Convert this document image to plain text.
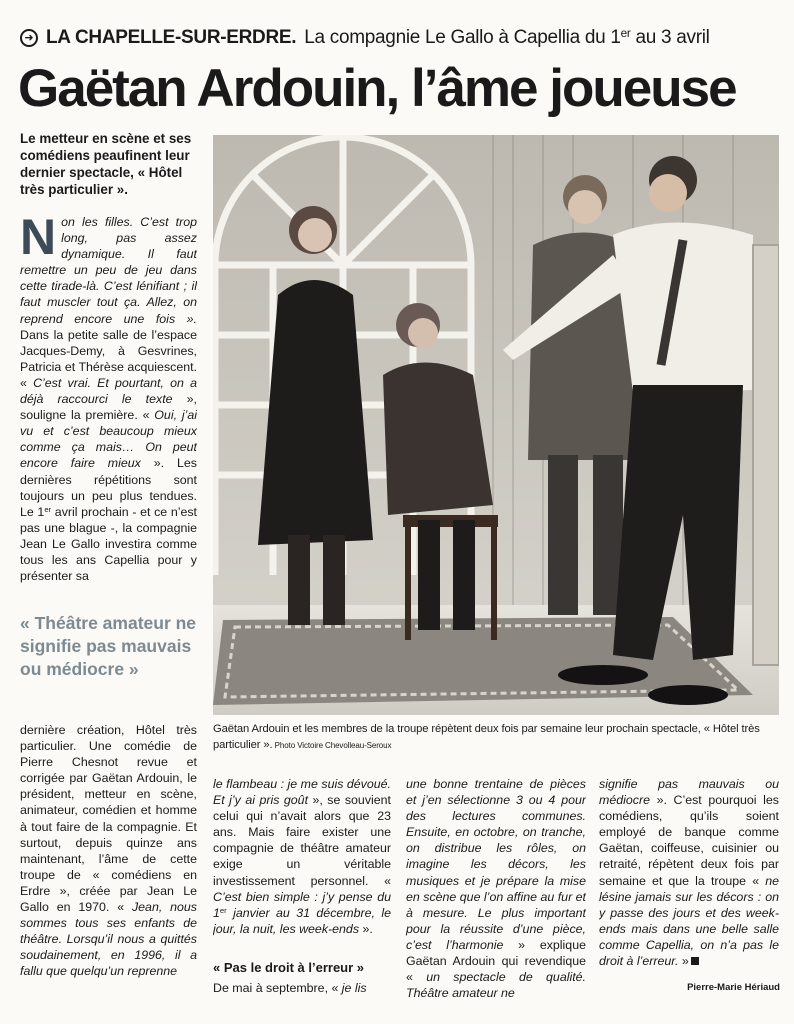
➜ LA CHAPELLE-SUR-ERDRE. La compagnie Le Gallo à Capellia du 1er au 3 avril
Gaëtan Ardouin, l’âme joueuse
Le metteur en scène et ses comédiens peaufinent leur dernier spectacle, « Hôtel très particulier ».
Non les filles. C’est trop long, pas assez dynamique. Il faut remettre un peu de jeu dans cette tirade-là. C’est lénifiant ; il faut muscler tout ça. Allez, on reprend encore une fois ». Dans la petite salle de l’espace Jacques-Demy, à Gesvrines, Patricia et Thérèse acquiescent. « C’est vrai. Et pourtant, on a déjà raccourci le texte », souligne la première. « Oui, j’ai vu et c’est beaucoup mieux comme ça mais… On peut encore faire mieux ». Les dernières répétitions sont toujours un peu plus tendues. Le 1er avril prochain - et ce n’est pas une blague -, la compagnie Jean Le Gallo investira comme tous les ans Capellia pour y présenter sa
« Théâtre amateur ne signifie pas mauvais ou médiocre »
dernière création, Hôtel très particulier. Une comédie de Pierre Chesnot revue et corrigée par Gaëtan Ardouin, le président, metteur en scène, animateur, comédien et homme à tout faire de la compagnie. Et surtout, depuis quinze ans maintenant, l’âme de cette troupe de « comédiens en Erdre », créée par Jean Le Gallo en 1970. « Jean, nous sommes tous ses enfants de théâtre. Lorsqu’il nous a quittés soudainement, en 1996, il a fallu que quelqu’un reprenne
Gaëtan Ardouin et les membres de la troupe répètent deux fois par semaine leur prochain spectacle, « Hôtel très particulier ». Photo Victoire Chevolleau-Seroux
le flambeau : je me suis dévoué. Et j’y ai pris goût », se souvient celui qui n’avait alors que 23 ans. Mais faire exister une compagnie de théâtre amateur exige un véritable investissement personnel. « C’est bien simple : j’y pense du 1er janvier au 31 décembre, le jour, la nuit, les week-ends ».
« Pas le droit à l’erreur »
De mai à septembre, « je lis
une bonne trentaine de pièces et j’en sélectionne 3 ou 4 pour des lectures communes. Ensuite, en octobre, on tranche, on distribue les rôles, on imagine les décors, les musiques et je prépare la mise en scène que l’on affine au fur et à mesure. Le plus important pour la réussite d’une pièce, c’est l’harmonie » explique Gaëtan Ardouin qui revendique « un spectacle de qualité. Théâtre amateur ne
signifie pas mauvais ou médiocre ». C’est pourquoi les comédiens, qu’ils soient employé de banque comme Gaëtan, coiffeuse, cuisinier ou retraité, répètent deux fois par semaine et que la troupe « ne lésine jamais sur les décors : on y passe des jours et des week-ends mais dans une belle salle comme Capellia, on n’a pas le droit à l’erreur. »
Pierre-Marie Hériaud
